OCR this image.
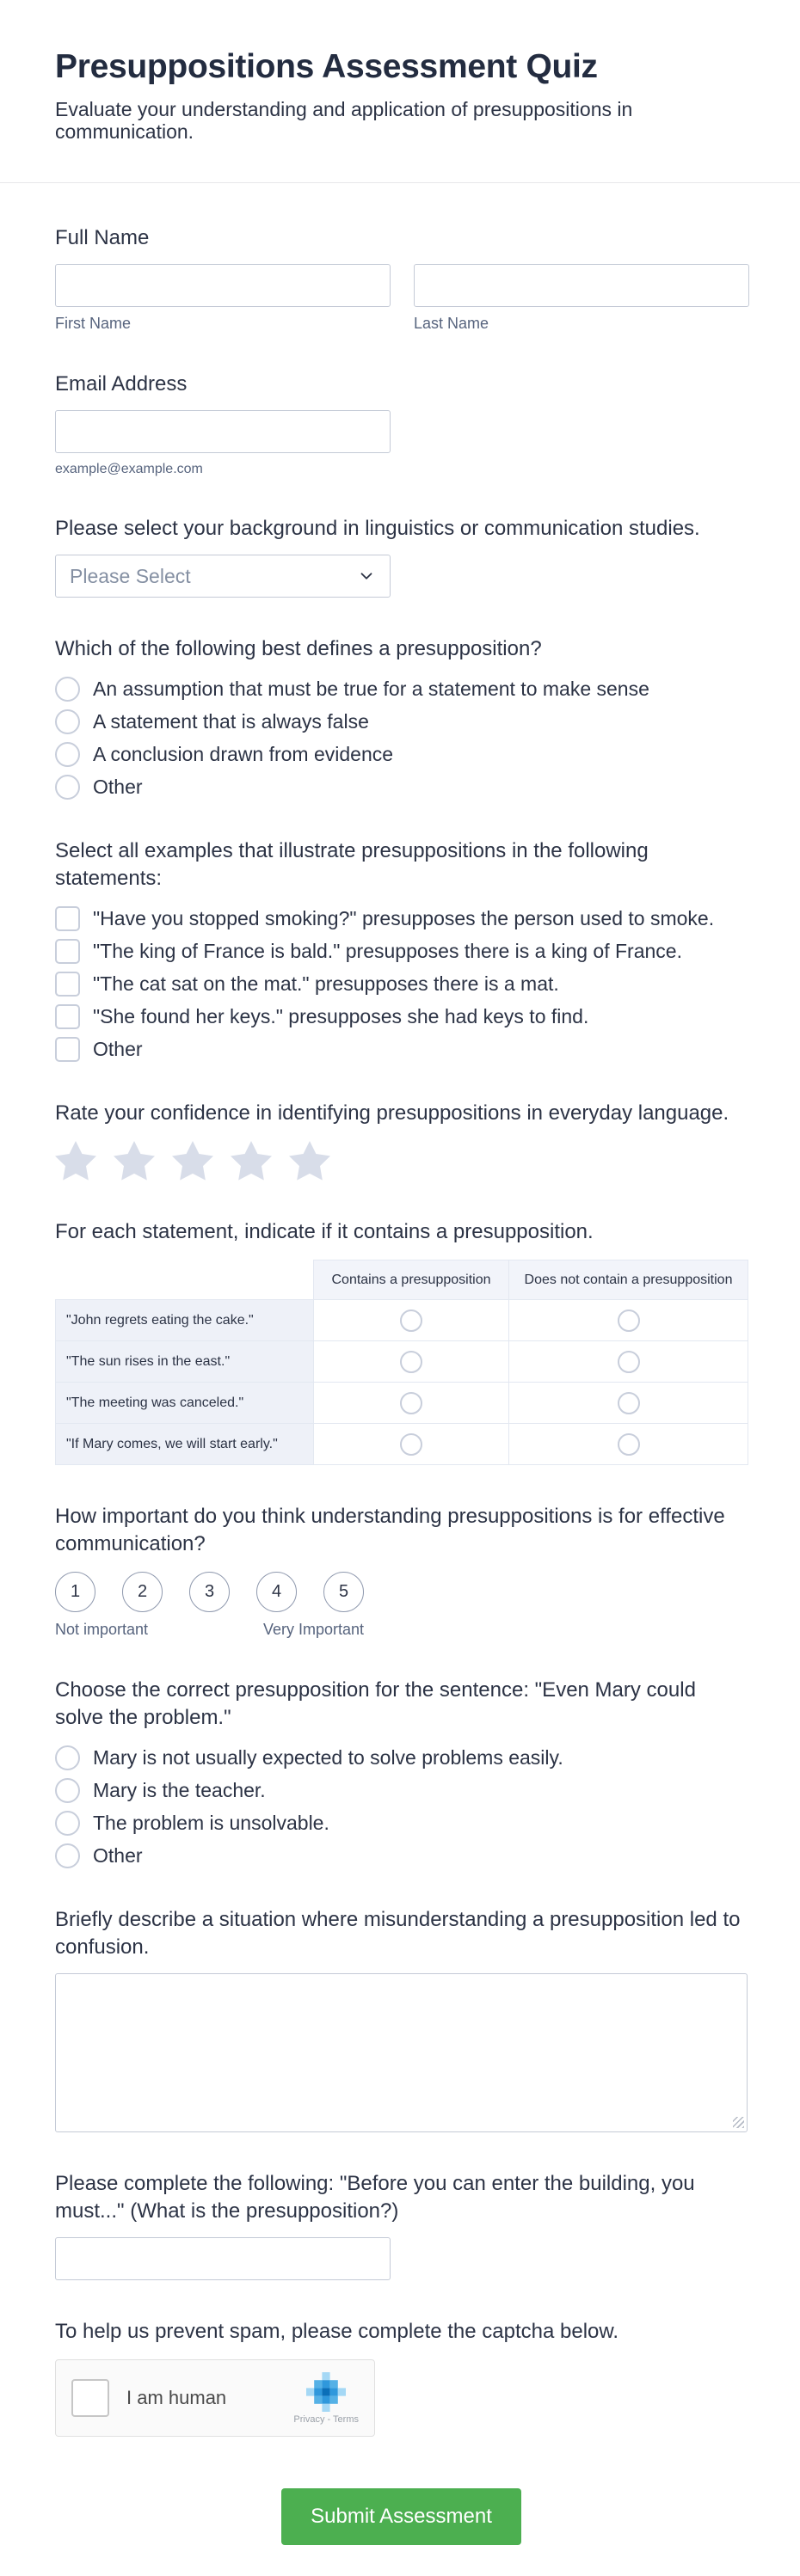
Presuppositions Assessment Quiz

Evaluate your understanding and application of presuppositions in communication.

Full Name
First Name	Last Name
Email Address
example@example.com
Please select your background in linguistics or communication studies.
Please Select
Which of the following best defines a presupposition?
An assumption that must be true for a statement to make sense
A statement that is always false
A conclusion drawn from evidence
Other
Select all examples that illustrate presuppositions in the following statements:
"Have you stopped smoking?" presupposes the person used to smoke.
"The king of France is bald." presupposes there is a king of France.
"The cat sat on the mat." presupposes there is a mat.
"She found her keys." presupposes she had keys to find.
Other
Rate your confidence in identifying presuppositions in everyday language.
For each statement, indicate if it contains a presupposition.
	Contains a presupposition	Does not contain a presupposition
"John regrets eating the cake."		
"The sun rises in the east."		
"The meeting was canceled."		
"If Mary comes, we will start early."		
How important do you think understanding presuppositions is for effective communication?
1	2	3	4	5
Not important	Very Important
Choose the correct presupposition for the sentence: "Even Mary could solve the problem."
Mary is not usually expected to solve problems easily.
Mary is the teacher.
The problem is unsolvable.
Other
Briefly describe a situation where misunderstanding a presupposition led to confusion.
Please complete the following: "Before you can enter the building, you must..." (What is the presupposition?)
To help us prevent spam, please complete the captcha below.
I am human
Privacy - Terms
Submit Assessment
